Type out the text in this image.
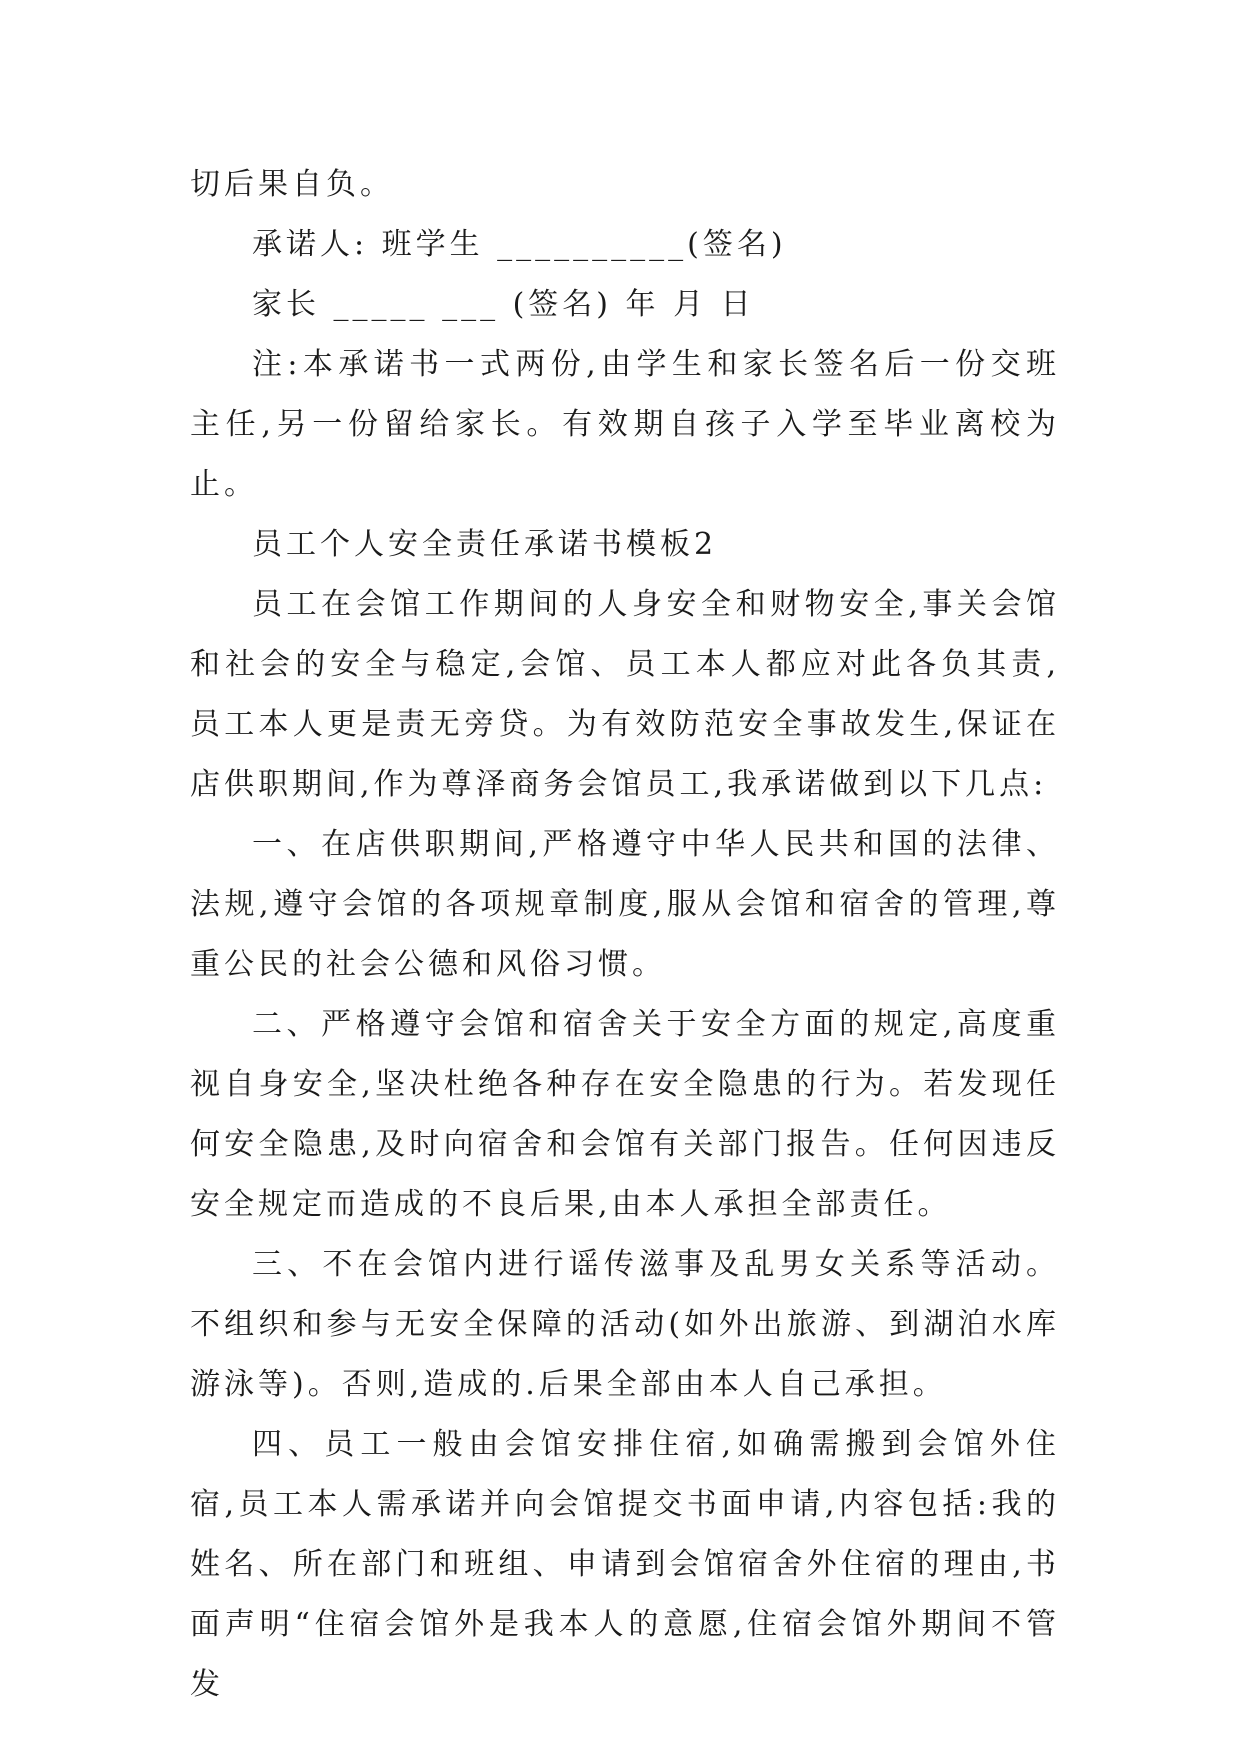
切后果自负。

承诺人: 班学生 __________(签名)

家长 _____ ___ (签名) 年 月 日

注:本承诺书一式两份,由学生和家长签名后一份交班主任,另一份留给家长。有效期自孩子入学至毕业离校为止。

员工个人安全责任承诺书模板2

员工在会馆工作期间的人身安全和财物安全,事关会馆和社会的安全与稳定,会馆、员工本人都应对此各负其责,员工本人更是责无旁贷。为有效防范安全事故发生,保证在店供职期间,作为尊泽商务会馆员工,我承诺做到以下几点:

一、在店供职期间,严格遵守中华人民共和国的法律、法规,遵守会馆的各项规章制度,服从会馆和宿舍的管理,尊重公民的社会公德和风俗习惯。

二、严格遵守会馆和宿舍关于安全方面的规定,高度重视自身安全,坚决杜绝各种存在安全隐患的行为。若发现任何安全隐患,及时向宿舍和会馆有关部门报告。任何因违反安全规定而造成的不良后果,由本人承担全部责任。

三、不在会馆内进行谣传滋事及乱男女关系等活动。不组织和参与无安全保障的活动(如外出旅游、到湖泊水库游泳等)。否则,造成的.后果全部由本人自己承担。

四、员工一般由会馆安排住宿,如确需搬到会馆外住宿,员工本人需承诺并向会馆提交书面申请,内容包括:我的姓名、所在部门和班组、申请到会馆宿舍外住宿的理由,书面声明“住宿会馆外是我本人的意愿,住宿会馆外期间不管发
